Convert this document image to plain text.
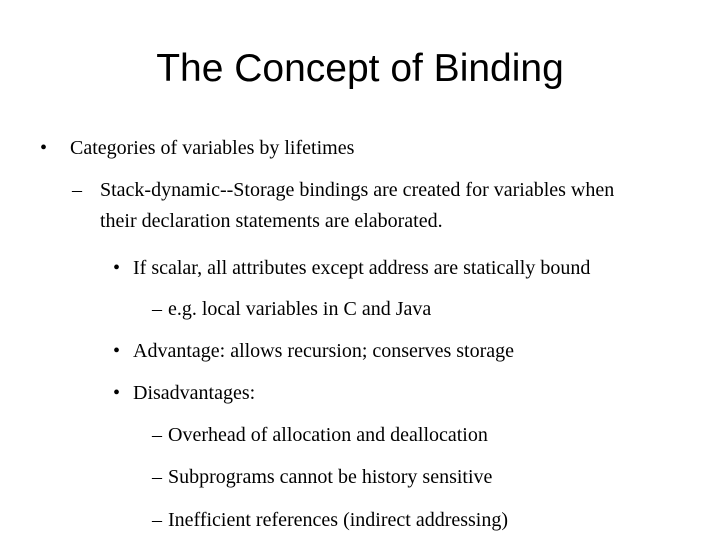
The Concept of Binding
• Categories of variables by lifetimes
– Stack-dynamic--Storage bindings are created for variables when
their declaration statements are elaborated.
• If scalar, all attributes except address are statically bound
– e.g. local variables in C and Java
• Advantage: allows recursion; conserves storage
• Disadvantages:
– Overhead of allocation and deallocation
– Subprograms cannot be history sensitive
– Inefficient references (indirect addressing)
